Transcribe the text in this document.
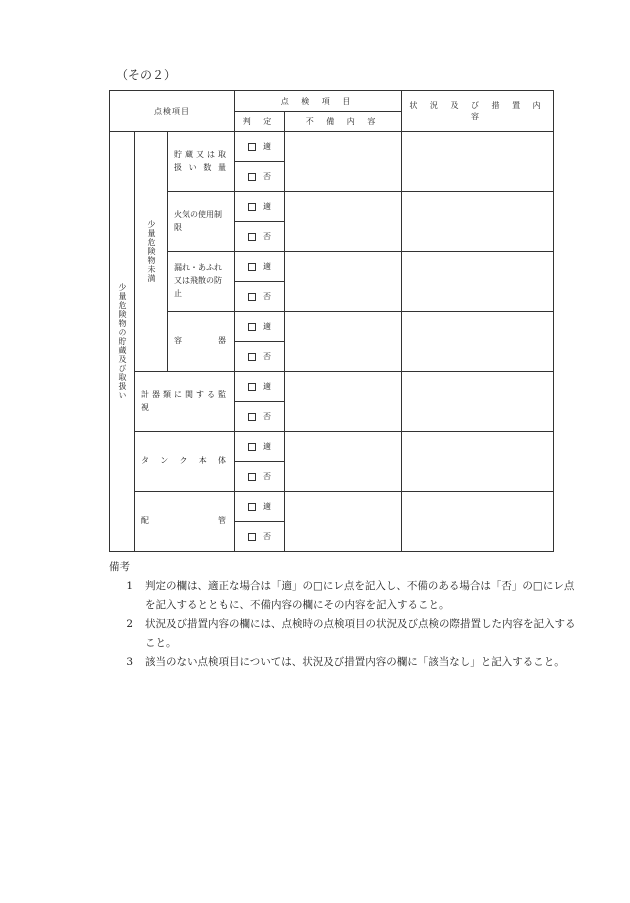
（その２）
点検項目			点 検 項 目		状 況 及 び 措 置 内 容
			判 定	不 備 内 容	

少量危険物の貯蔵及び取扱い	少量危険物未満	貯蔵又は取扱い数量	適		
			否		
		火気の使用制限	適		
			否		
		漏れ・あふれ又は飛散の防止	適		
			否		

		容　　　器	適		
			否		

	計器類に関する監視		適		
			否		

	タ ン ク 本 体		適		
			否		

	配　　　　　管		適		
			否		
備考
1	判定の欄は、適正な場合は「適」の□にレ点を記入し、不備のある場合は「否」の□にレ点を記入するとともに、不備内容の欄にその内容を記入すること。
2	状況及び措置内容の欄には、点検時の点検項目の状況及び点検の際措置した内容を記入すること。
3	該当のない点検項目については、状況及び措置内容の欄に「該当なし」と記入すること。
